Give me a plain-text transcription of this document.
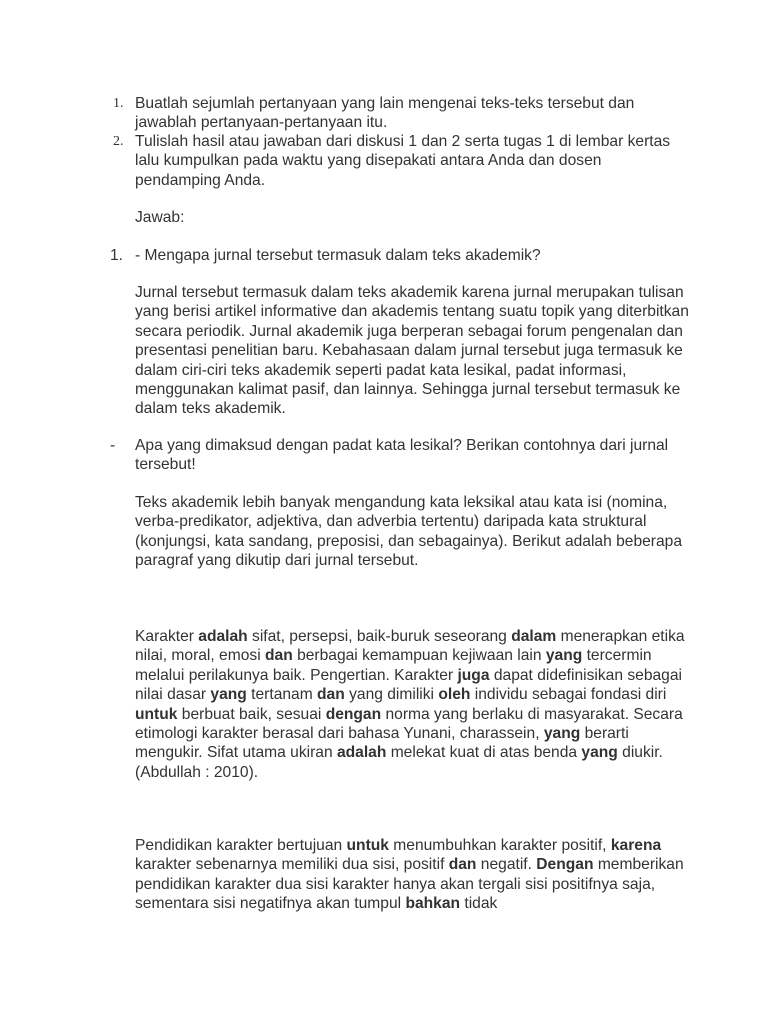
1. Buatlah sejumlah pertanyaan yang lain mengenai teks-teks tersebut dan jawablah pertanyaan-pertanyaan itu.
2. Tulislah hasil atau jawaban dari diskusi 1 dan 2 serta tugas 1 di lembar kertas lalu kumpulkan pada waktu yang disepakati antara Anda dan dosen pendamping Anda.
Jawab:
1. - Mengapa jurnal tersebut termasuk dalam teks akademik?
Jurnal tersebut termasuk dalam teks akademik karena jurnal merupakan tulisan yang berisi artikel informative dan akademis tentang suatu topik yang diterbitkan secara periodik. Jurnal akademik juga berperan sebagai forum pengenalan dan presentasi penelitian baru. Kebahasaan dalam jurnal tersebut juga termasuk ke dalam ciri-ciri teks akademik seperti padat kata lesikal, padat informasi, menggunakan kalimat pasif, dan lainnya. Sehingga jurnal tersebut termasuk ke dalam teks akademik.
- Apa yang dimaksud dengan padat kata lesikal? Berikan contohnya dari jurnal tersebut!
Teks akademik lebih banyak mengandung kata leksikal atau kata isi (nomina, verba-predikator, adjektiva, dan adverbia tertentu) daripada kata struktural (konjungsi, kata sandang, preposisi, dan sebagainya). Berikut adalah beberapa paragraf yang dikutip dari jurnal tersebut.

Karakter adalah sifat, persepsi, baik-buruk seseorang dalam menerapkan etika nilai, moral, emosi dan berbagai kemampuan kejiwaan lain yang tercermin melalui perilakunya baik. Pengertian. Karakter juga dapat didefinisikan sebagai nilai dasar yang tertanam dan yang dimiliki oleh individu sebagai fondasi diri untuk berbuat baik, sesuai dengan norma yang berlaku di masyarakat. Secara etimologi karakter berasal dari bahasa Yunani, charassein, yang berarti mengukir. Sifat utama ukiran adalah melekat kuat di atas benda yang diukir. (Abdullah : 2010).

Pendidikan karakter bertujuan untuk menumbuhkan karakter positif, karena karakter sebenarnya memiliki dua sisi, positif dan negatif. Dengan memberikan pendidikan karakter dua sisi karakter hanya akan tergali sisi positifnya saja, sementara sisi negatifnya akan tumpul bahkan tidak
